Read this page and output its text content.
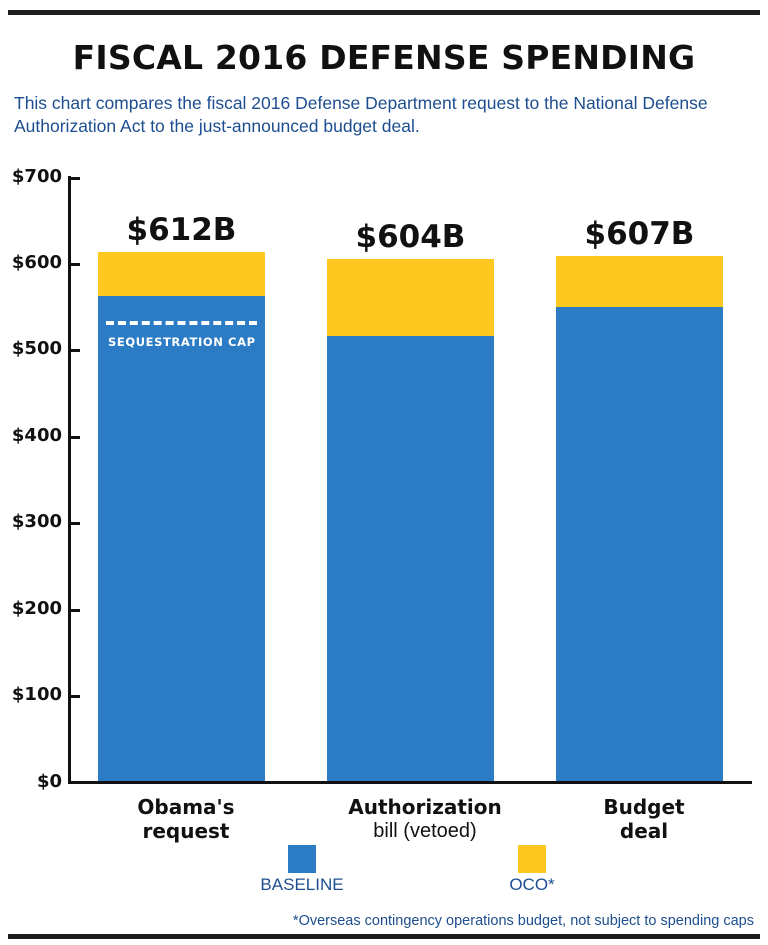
FISCAL 2016 DEFENSE SPENDING
This chart compares the fiscal 2016 Defense Department request to the National Defense Authorization Act to the just-announced budget deal.
$700
$600
$500
$400
$300
$200
$100
$0
$612B
SEQUESTRATION CAP
$604B	$607B
Obama's
request
Authorization
bill (vetoed)
Budget
deal
BASELINE	OCO*
*Overseas contingency operations budget, not subject to spending caps
